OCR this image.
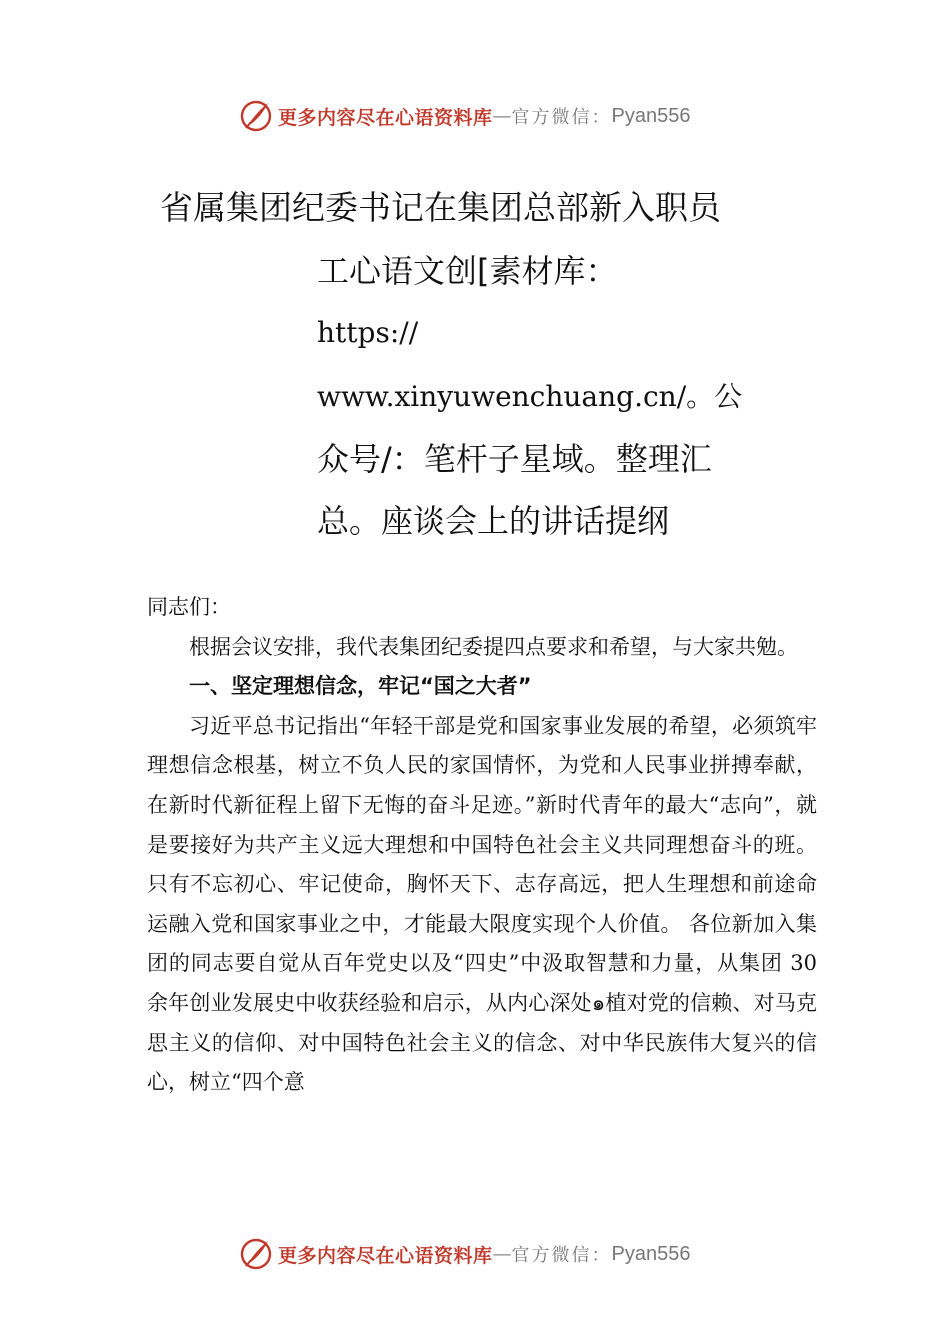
更多内容尽在心语资料库 — 官方微信： Pyan556
省属集团纪委书记在集团总部新入职员
工心语文创[素材库：
https://
www.xinyuwenchuang.cn/。公
众号/：笔杆子星域。整理汇
总。座谈会上的讲话提纲

同志们：

根据会议安排，我代表集团纪委提四点要求和希望，与大家共勉。

一、坚定理想信念，牢记“国之大者”

习近平总书记指出“年轻干部是党和国家事业发展的希望，必须筑牢理想信念根基，树立不负人民的家国情怀，为党和人民事业拼搏奉献，在新时代新征程上留下无悔的奋斗足迹。”新时代青年的最大“志向”，就是要接好为共产主义远大理想和中国特色社会主义共同理想奋斗的班。只有不忘初心、牢记使命，胸怀天下、志存高远，把人生理想和前途命运融入党和国家事业之中，才能最大限度实现个人价值。 各位新加入集团的同志要自觉从百年党史以及“四史”中汲取智慧和力量，从集团 30 余年创业发展史中收获经验和启示，从内心深处๑植对党的信赖、对马克思主义的信仰、对中国特色社会主义的信念、对中华民族伟大复兴的信心，树立“四个意

更多内容尽在心语资料库 — 官方微信： Pyan556
